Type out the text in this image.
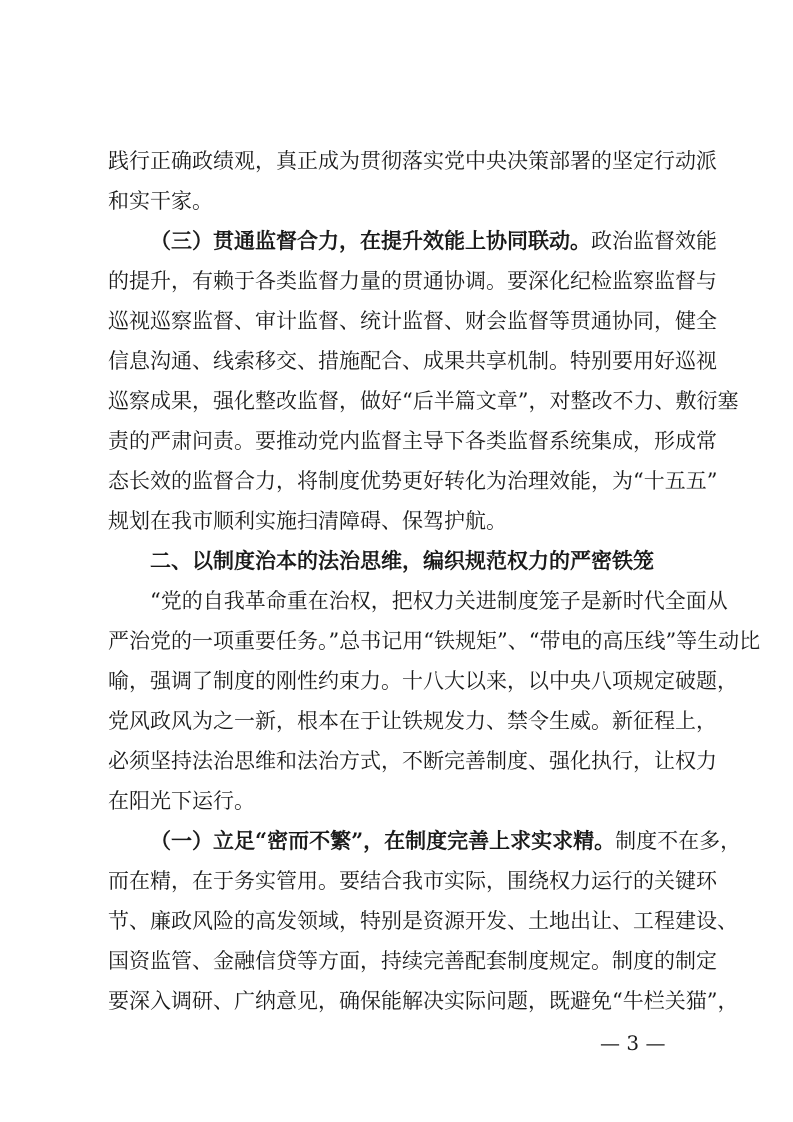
践行正确政绩观，真正成为贯彻落实党中央决策部署的坚定行动派
和实干家。
（三）贯通监督合力，在提升效能上协同联动。政治监督效能
的提升，有赖于各类监督力量的贯通协调。要深化纪检监察监督与
巡视巡察监督、审计监督、统计监督、财会监督等贯通协同，健全
信息沟通、线索移交、措施配合、成果共享机制。特别要用好巡视
巡察成果，强化整改监督，做好“后半篇文章”，对整改不力、敷衍塞
责的严肃问责。要推动党内监督主导下各类监督系统集成，形成常
态长效的监督合力，将制度优势更好转化为治理效能，为“十五五”
规划在我市顺利实施扫清障碍、保驾护航。
二、以制度治本的法治思维，编织规范权力的严密铁笼
“党的自我革命重在治权，把权力关进制度笼子是新时代全面从
严治党的一项重要任务。”总书记用“铁规矩”、“带电的高压线”等生动比
喻，强调了制度的刚性约束力。十八大以来，以中央八项规定破题，
党风政风为之一新，根本在于让铁规发力、禁令生威。新征程上，
必须坚持法治思维和法治方式，不断完善制度、强化执行，让权力
在阳光下运行。
（一）立足“密而不繁”，在制度完善上求实求精。制度不在多，
而在精，在于务实管用。要结合我市实际，围绕权力运行的关键环
节、廉政风险的高发领域，特别是资源开发、土地出让、工程建设、
国资监管、金融信贷等方面，持续完善配套制度规定。制度的制定
要深入调研、广纳意见，确保能解决实际问题，既避免“牛栏关猫”，
— 3 —
